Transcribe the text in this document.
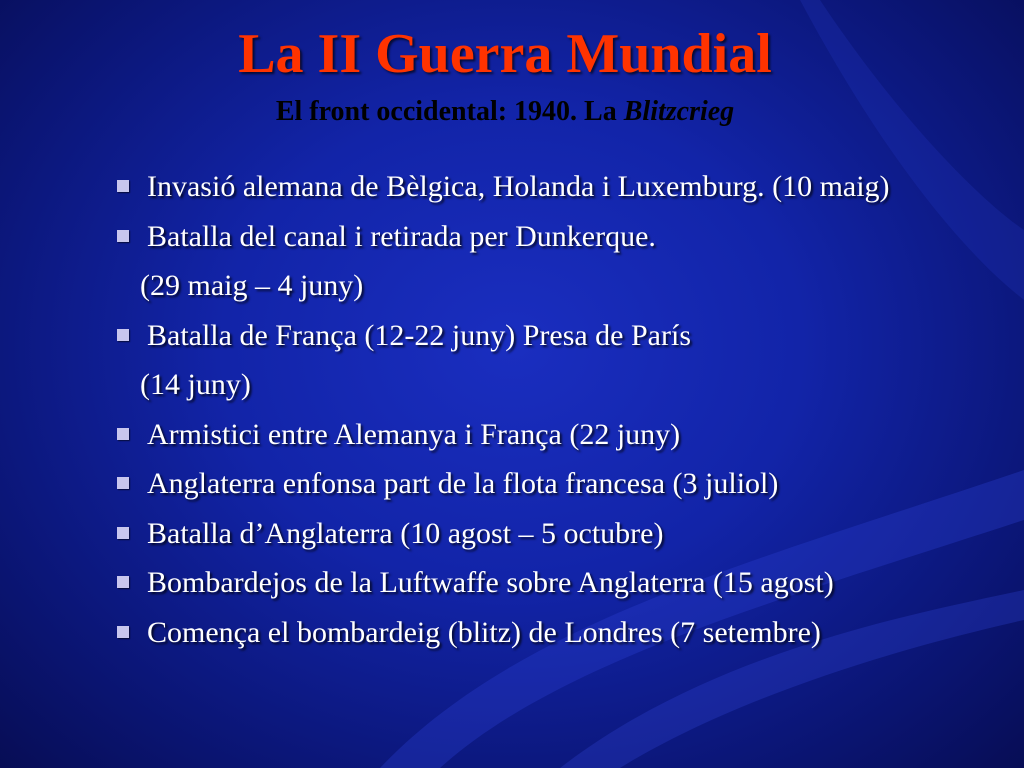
La II Guerra Mundial
El front occidental: 1940. La Blitzcrieg
Invasió alemana de Bèlgica, Holanda i Luxemburg. (10 maig)
Batalla del canal i retirada per Dunkerque.
(29 maig – 4 juny)
Batalla de França (12-22 juny) Presa de París
(14 juny)
Armistici entre Alemanya i França (22 juny)
Anglaterra enfonsa part de la flota francesa (3 juliol)
Batalla d’Anglaterra (10 agost – 5 octubre)
Bombardejos de la Luftwaffe sobre Anglaterra (15 agost)
Comença el bombardeig (blitz) de Londres (7 setembre)
